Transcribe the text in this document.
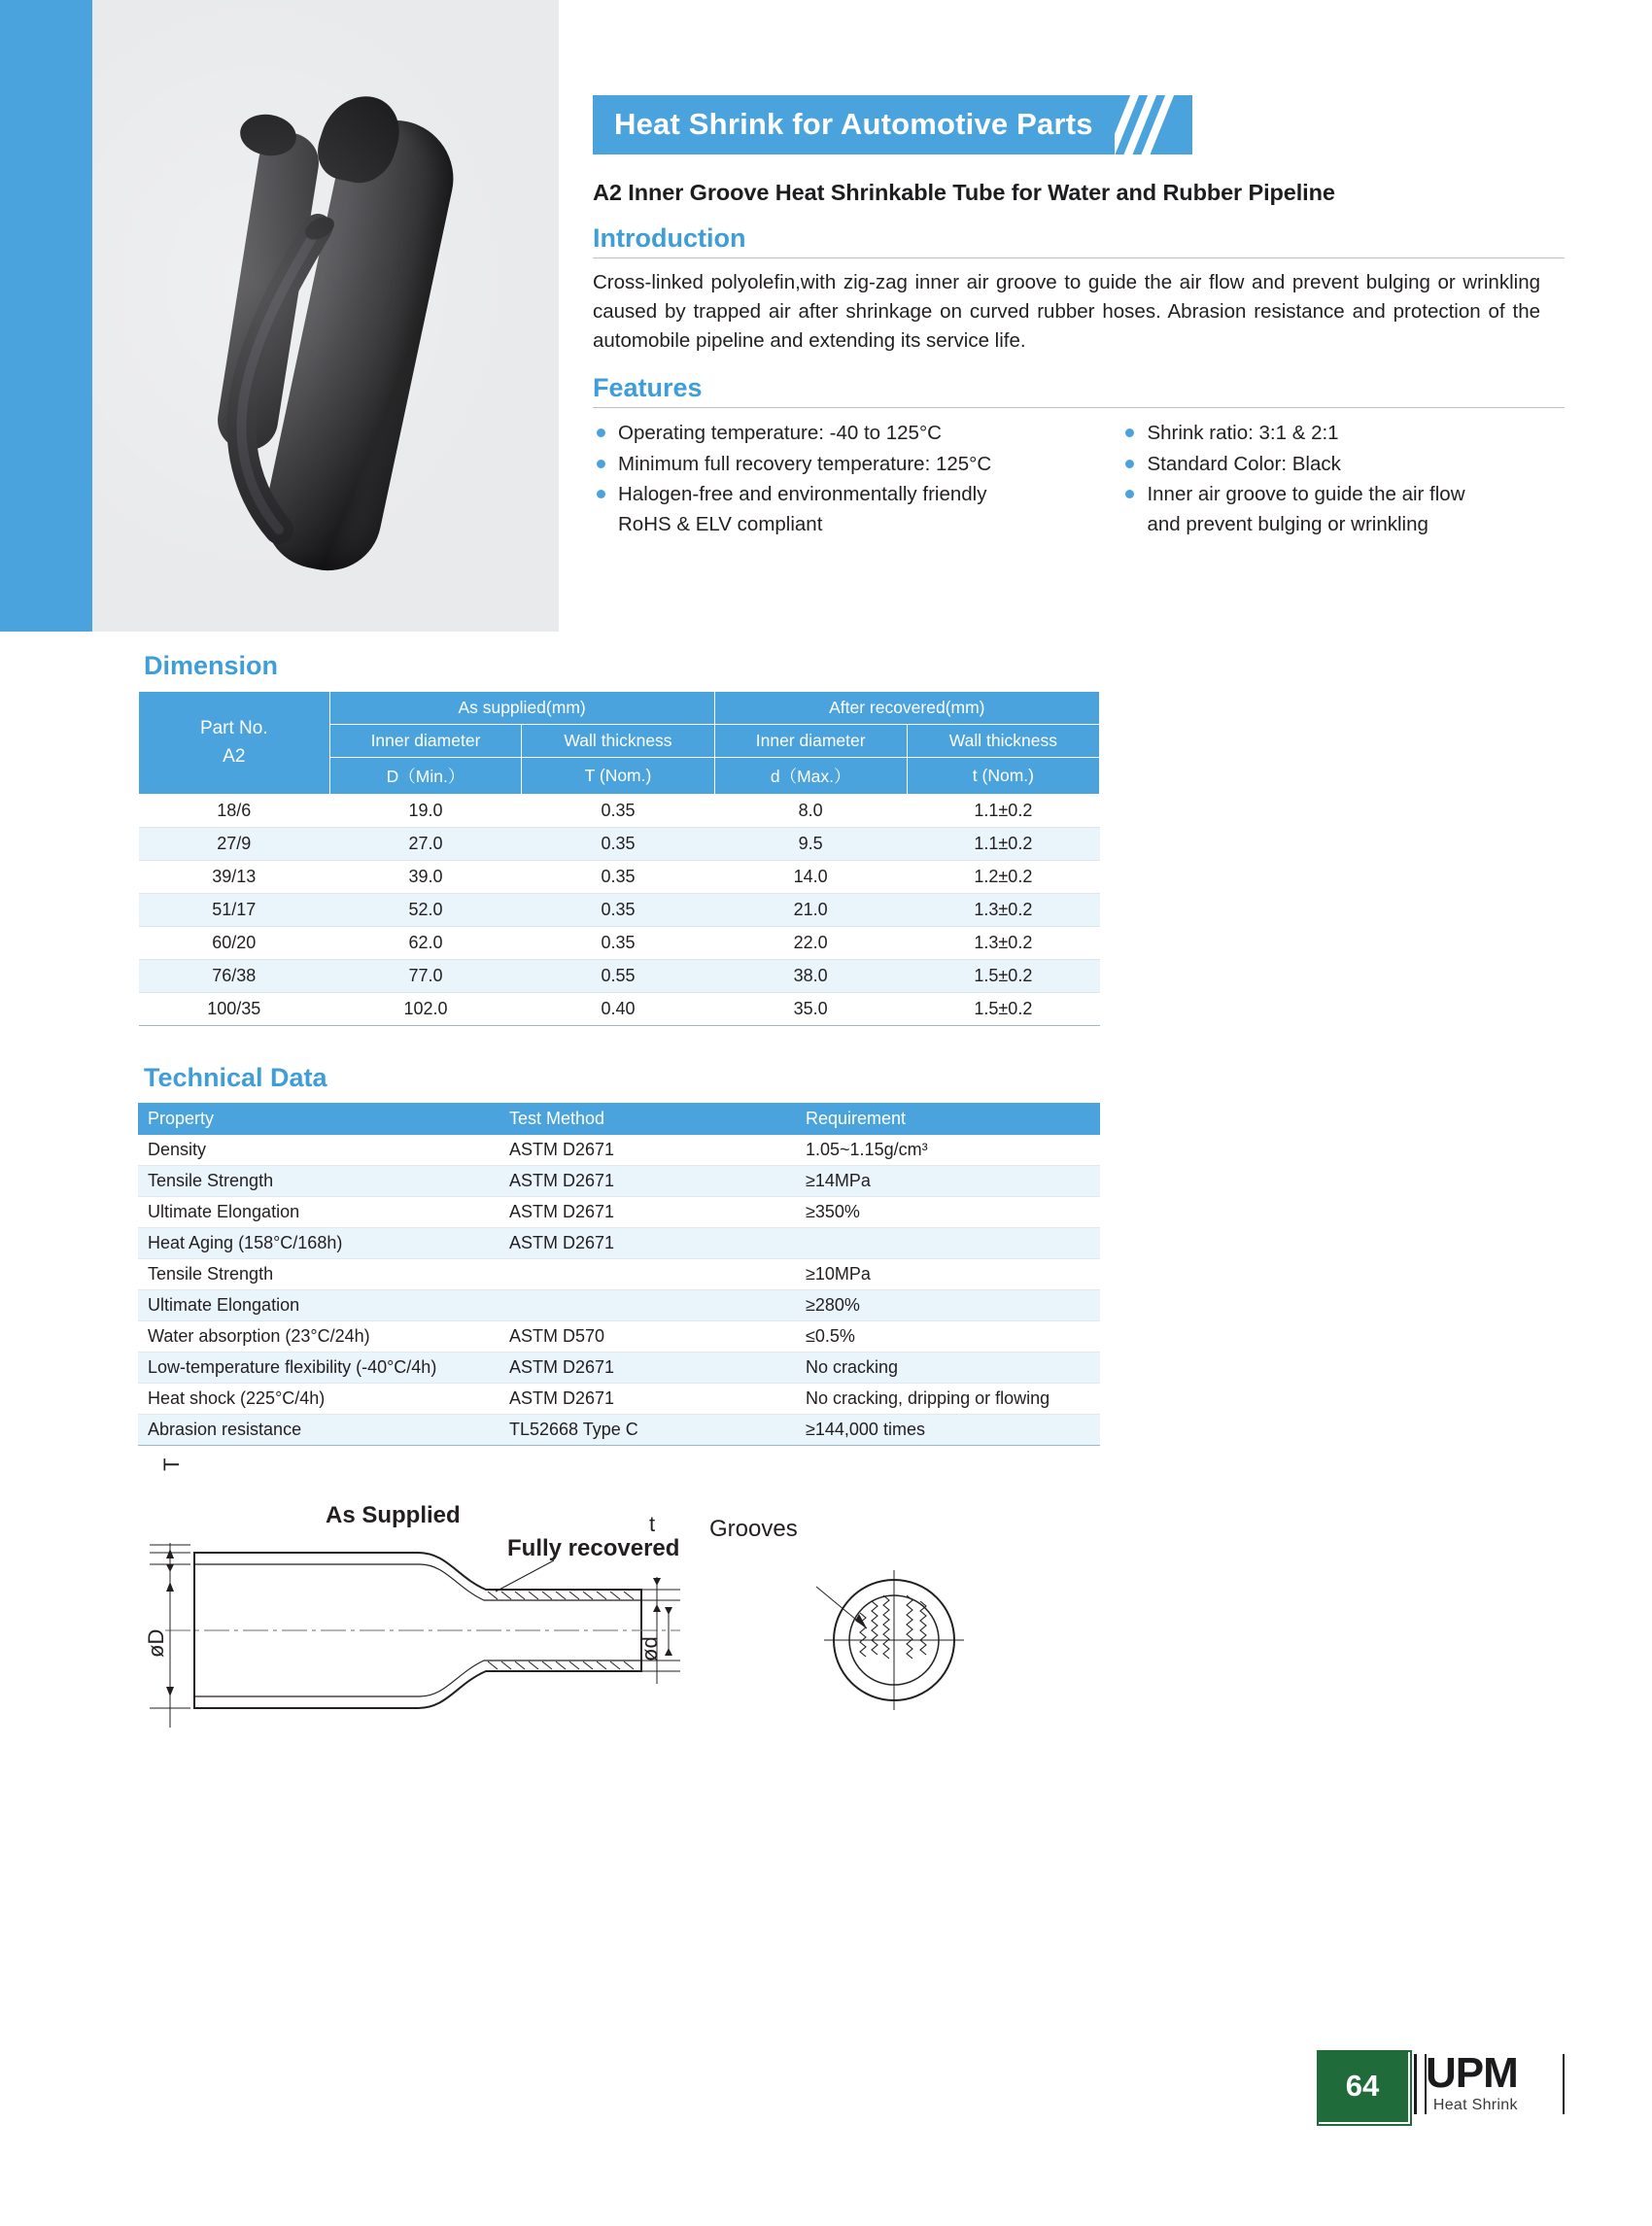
Heat Shrink for Automotive Parts
A2 Inner Groove Heat Shrinkable Tube for Water and Rubber Pipeline
Introduction
Cross-linked polyolefin,with zig-zag inner air groove to guide the air flow and prevent bulging or wrinkling caused by trapped air after shrinkage on curved rubber hoses. Abrasion resistance and protection of the automobile pipeline and extending its service life.
Features
Operating temperature: -40 to 125°C
Minimum full recovery temperature: 125°C
Halogen-free and environmentally friendly
RoHS & ELV compliant

Shrink ratio: 3:1 & 2:1
Standard Color: Black
Inner air groove to guide the air flow
and prevent bulging or wrinkling
Dimension
Part No.
A2	As supplied(mm)		After recovered(mm)	
	Inner diameter	Wall thickness	Inner diameter	Wall thickness
	D（Min.）	T (Nom.)	d（Max.）	t (Nom.)
18/6	19.0	0.35	8.0	1.1±0.2
27/9	27.0	0.35	9.5	1.1±0.2
39/13	39.0	0.35	14.0	1.2±0.2
51/17	52.0	0.35	21.0	1.3±0.2
60/20	62.0	0.35	22.0	1.3±0.2
76/38	77.0	0.55	38.0	1.5±0.2
100/35	102.0	0.40	35.0	1.5±0.2
Technical Data
Property	Test Method	Requirement
Density	ASTM D2671	1.05~1.15g/cm³
Tensile Strength	ASTM D2671	≥14MPa
Ultimate Elongation	ASTM D2671	≥350%
Heat Aging (158°C/168h)	ASTM D2671	
Tensile Strength		≥10MPa
Ultimate Elongation		≥280%
Water absorption (23°C/24h)	ASTM D570	≤0.5%
Low-temperature flexibility (-40°C/4h)	ASTM D2671	No cracking
Heat shock (225°C/4h)	ASTM D2671	No cracking, dripping or flowing
Abrasion resistance	TL52668 Type C	≥144,000 times
As Supplied
Fully recovered
Grooves
T
øD
t
ød
64	UPM
Heat Shrink
